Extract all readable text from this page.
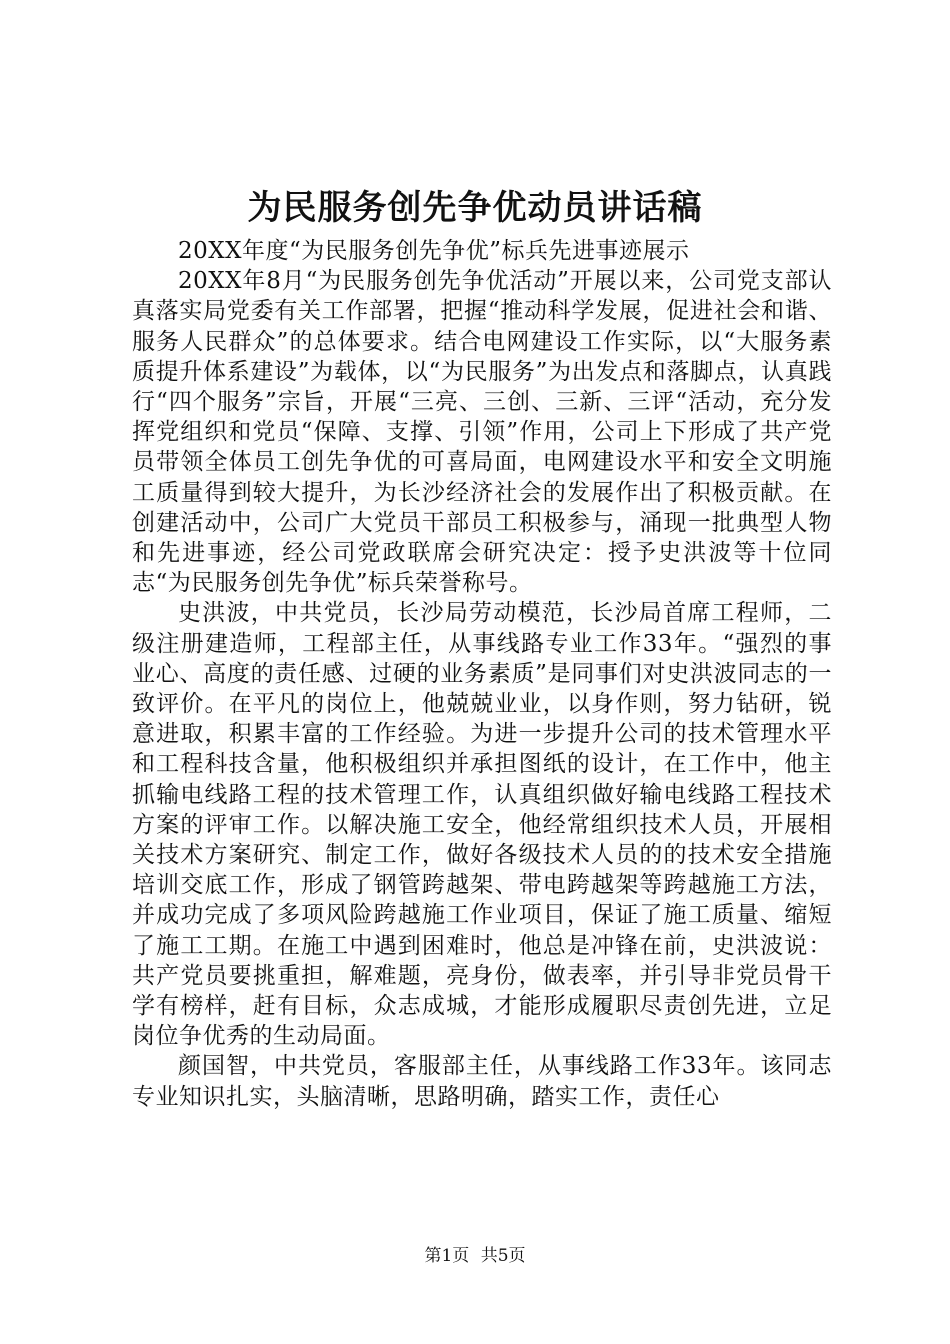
为民服务创先争优动员讲话稿

20XX年度“为民服务创先争优”标兵先进事迹展示

20XX年8月“为民服务创先争优活动”开展以来，公司党支部认真落实局党委有关工作部署，把握“推动科学发展，促进社会和谐、服务人民群众”的总体要求。结合电网建设工作实际，以“大服务素质提升体系建设”为载体，以“为民服务”为出发点和落脚点，认真践行“四个服务”宗旨，开展“三亮、三创、三新、三评“活动，充分发挥党组织和党员“保障、支撑、引领”作用，公司上下形成了共产党员带领全体员工创先争优的可喜局面，电网建设水平和安全文明施工质量得到较大提升，为长沙经济社会的发展作出了积极贡献。在创建活动中，公司广大党员干部员工积极参与，涌现一批典型人物和先进事迹，经公司党政联席会研究决定：授予史洪波等十位同志“为民服务创先争优”标兵荣誉称号。

史洪波，中共党员，长沙局劳动模范，长沙局首席工程师，二级注册建造师，工程部主任，从事线路专业工作33年。“强烈的事业心、高度的责任感、过硬的业务素质”是同事们对史洪波同志的一致评价。在平凡的岗位上，他兢兢业业，以身作则，努力钻研，锐意进取，积累丰富的工作经验。为进一步提升公司的技术管理水平和工程科技含量，他积极组织并承担图纸的设计，在工作中，他主抓输电线路工程的技术管理工作，认真组织做好输电线路工程技术方案的评审工作。以解决施工安全，他经常组织技术人员，开展相关技术方案研究、制定工作，做好各级技术人员的的技术安全措施培训交底工作，形成了钢管跨越架、带电跨越架等跨越施工方法，并成功完成了多项风险跨越施工作业项目，保证了施工质量、缩短了施工工期。在施工中遇到困难时，他总是冲锋在前，史洪波说：共产党员要挑重担，解难题，亮身份，做表率，并引导非党员骨干学有榜样，赶有目标，众志成城，才能形成履职尽责创先进，立足岗位争优秀的生动局面。

颜国智，中共党员，客服部主任，从事线路工作33年。该同志专业知识扎实，头脑清晰，思路明确，踏实工作，责任心

第1页 共5页
